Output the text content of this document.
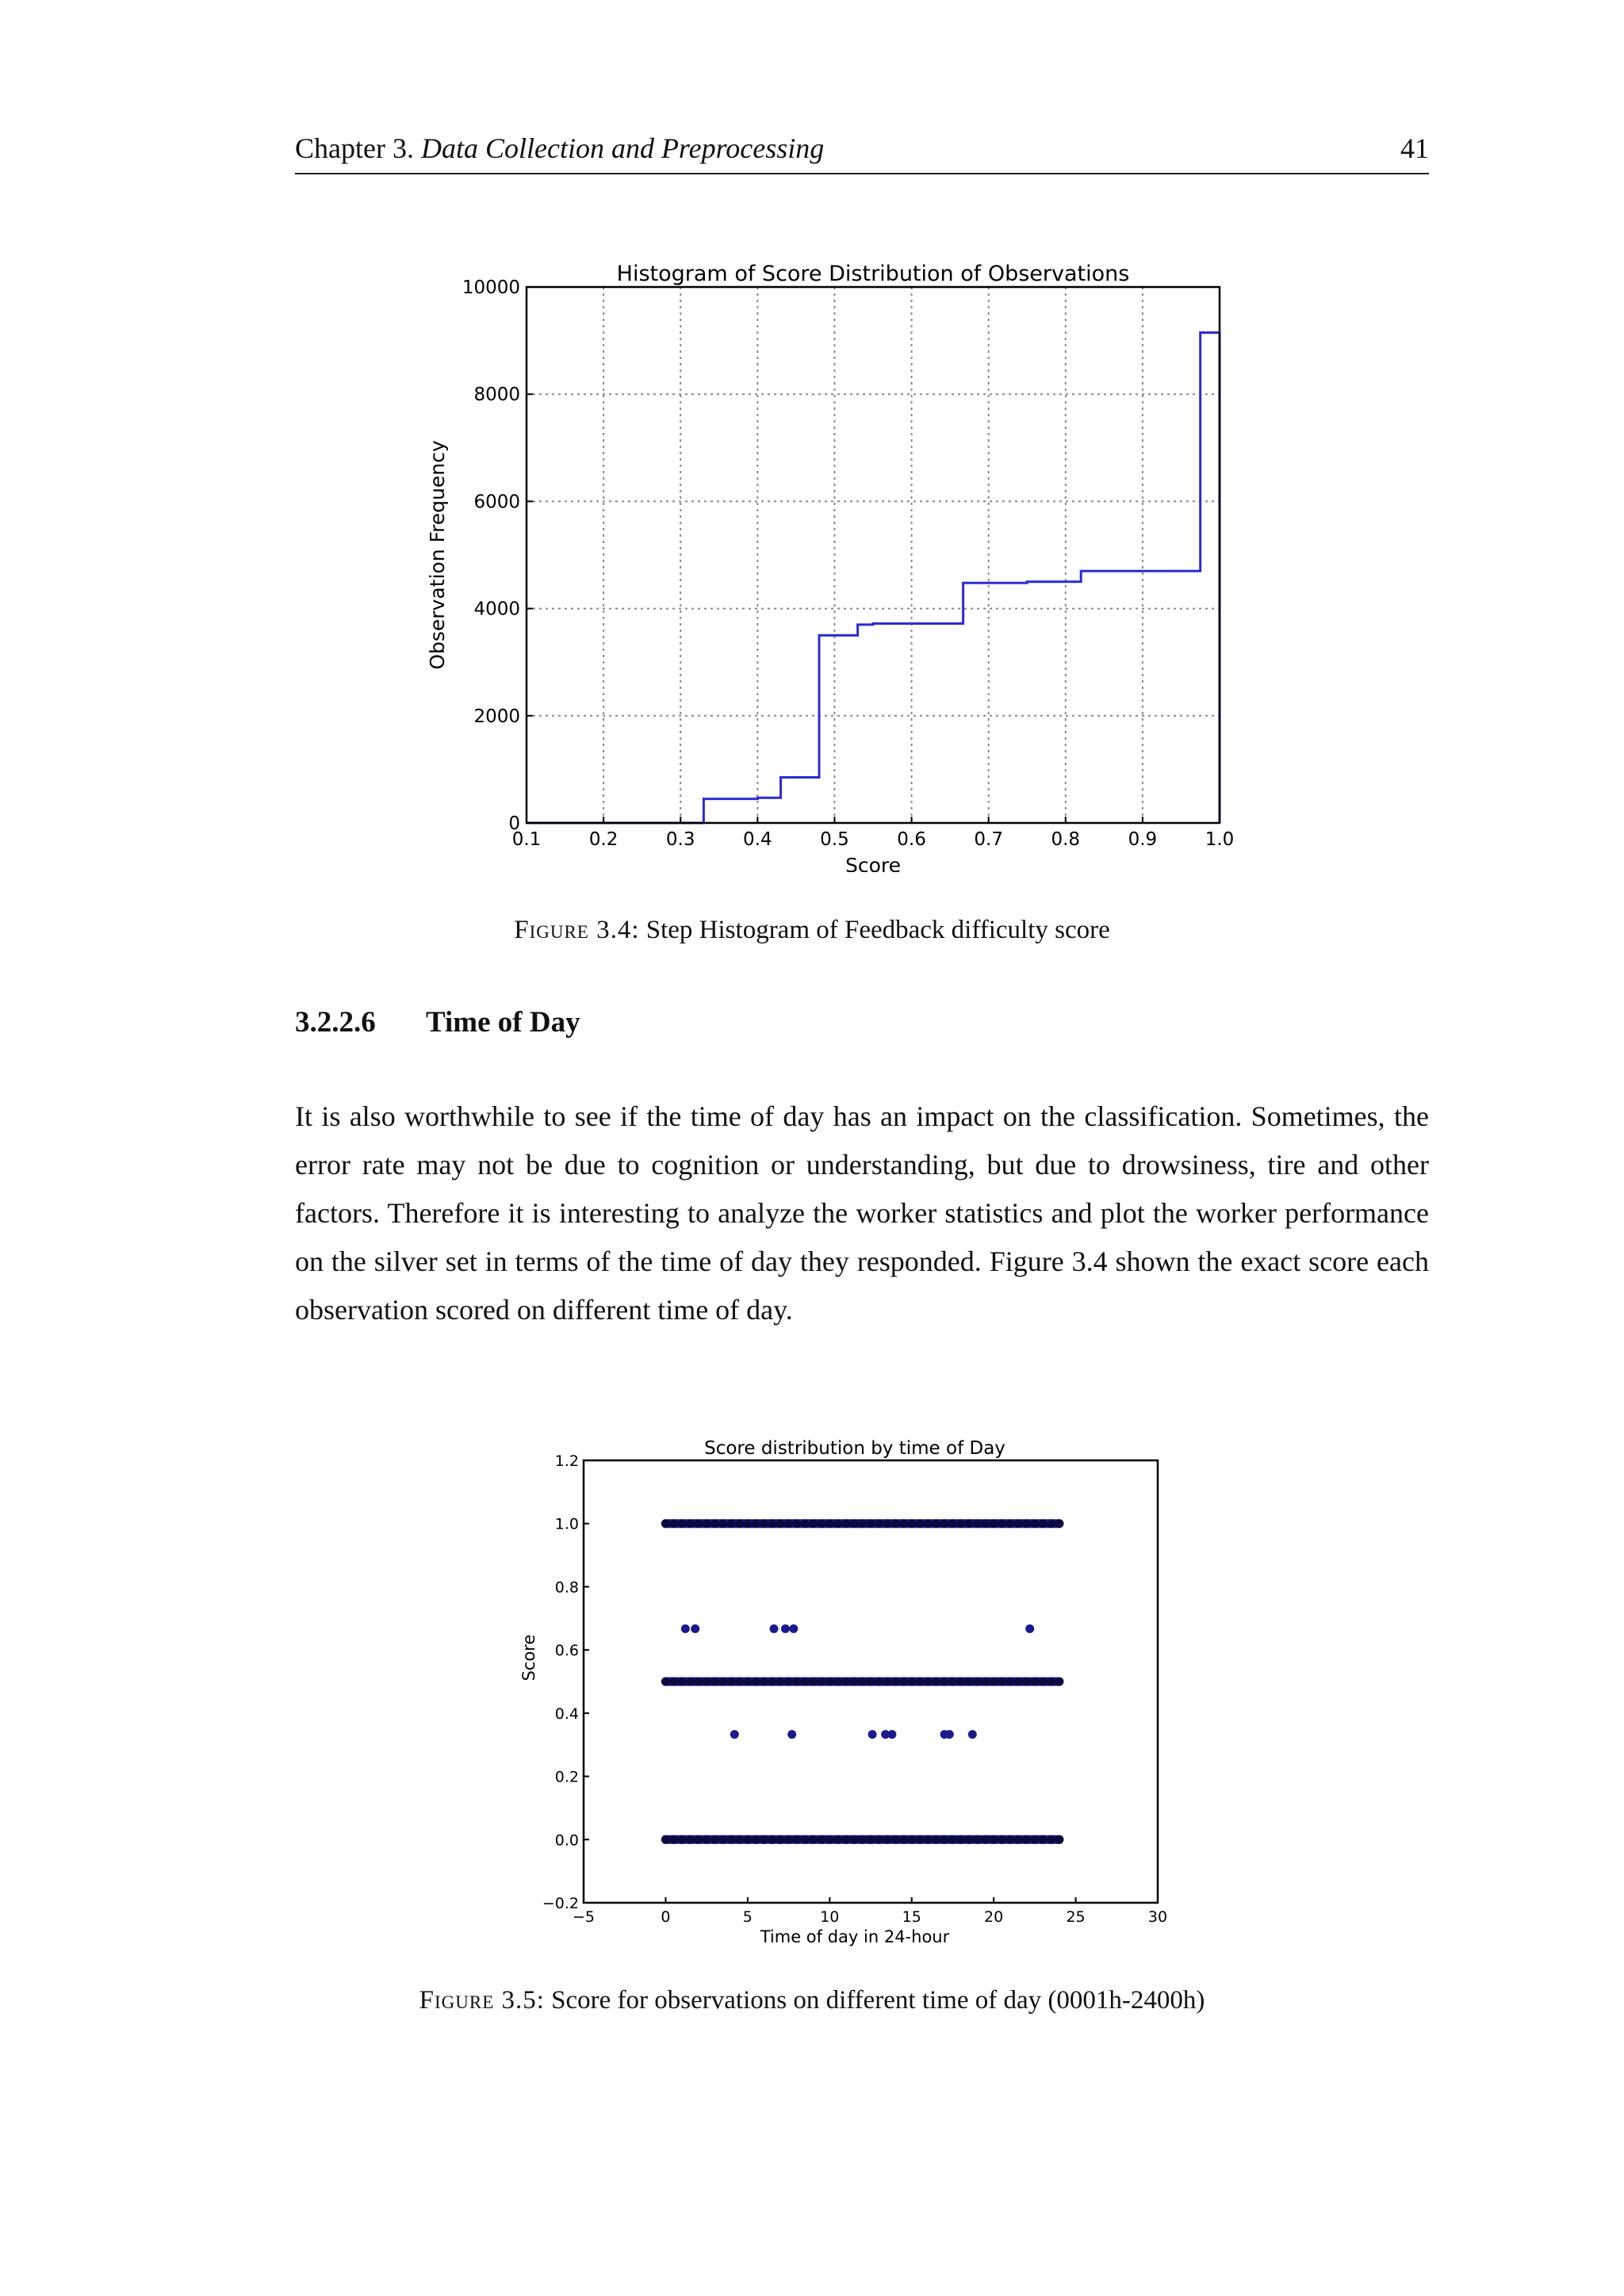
Chapter 3. Data Collection and Preprocessing	41
0.1	0.2	0.3	0.4	0.5	0.6	0.7	0.8	0.9	1.0
0
2000
4000
6000
8000
10000
Histogram of Score Distribution of Observations
Score
Observation Frequency
Figure 3.4: Step Histogram of Feedback difficulty score
3.2.2.6 Time of Day
It is also worthwhile to see if the time of day has an impact on the classification. Sometimes, the error rate may not be due to cognition or understanding, but due to drowsiness, tire and other factors. Therefore it is interesting to analyze the worker statistics and plot the worker performance on the silver set in terms of the time of day they responded. Figure 3.4 shown the exact score each observation scored on different time of day.
−5	0	5	10	15	20	25	30
−0.2
0.0
0.2
0.4
0.6
0.8
1.0
1.2
Score distribution by time of Day
Time of day in 24-hour
Score
Figure 3.5: Score for observations on different time of day (0001h-2400h)
